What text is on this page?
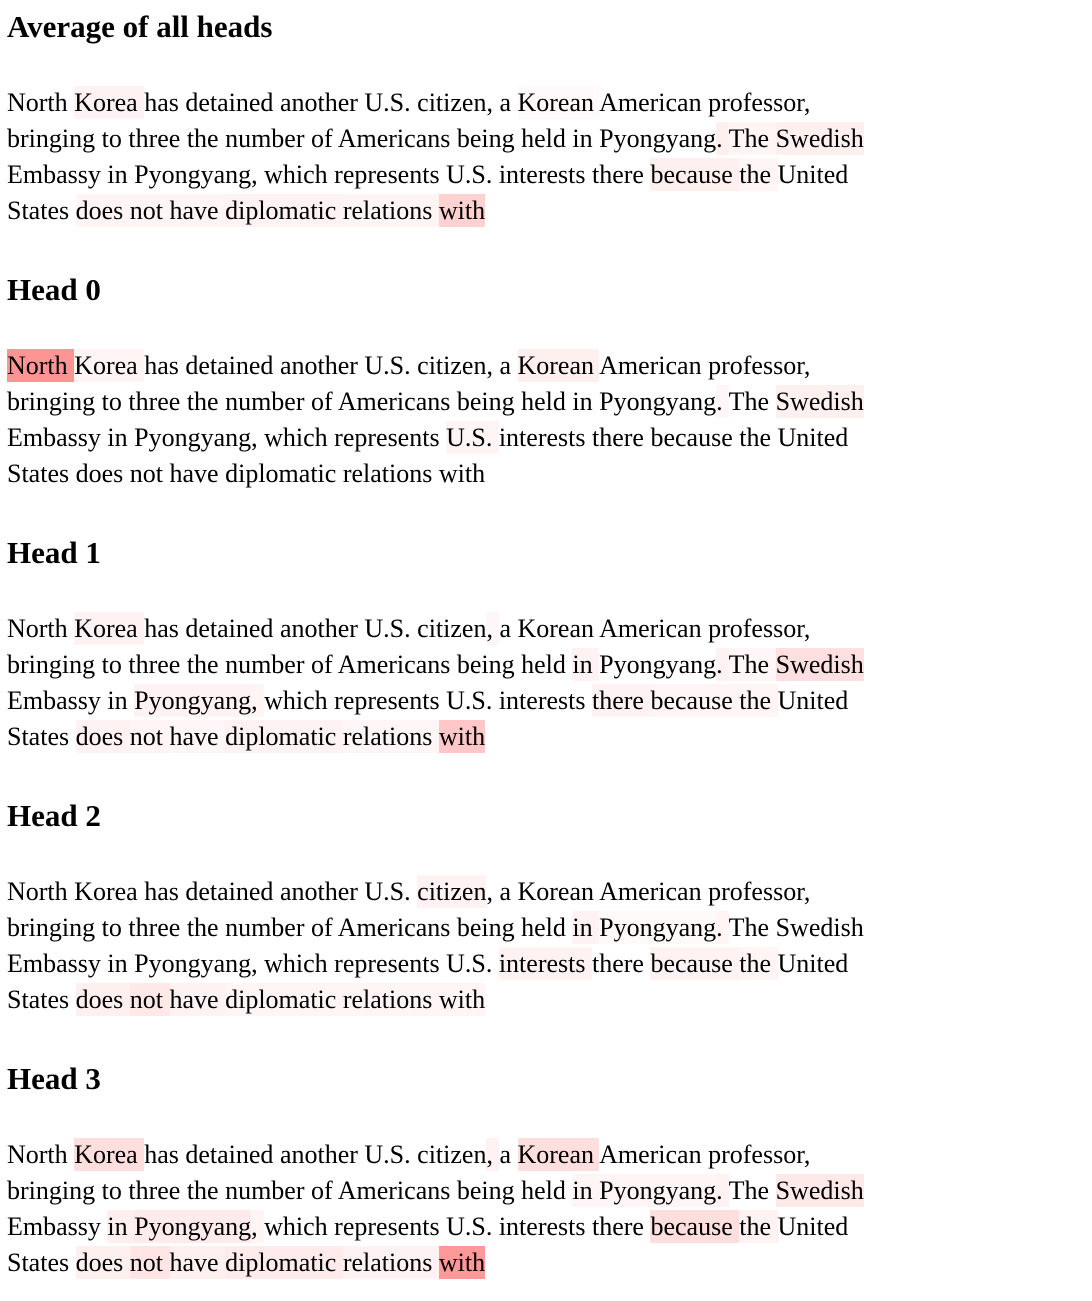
Average of all heads

North Korea has detained another U.S. citizen, a Korean American professor,
bringing to three the number of Americans being held in Pyongyang. The Swedish
Embassy in Pyongyang, which represents U.S. interests there because the United
States does not have diplomatic relations with

Head 0

North Korea has detained another U.S. citizen, a Korean American professor,
bringing to three the number of Americans being held in Pyongyang. The Swedish
Embassy in Pyongyang, which represents U.S. interests there because the United
States does not have diplomatic relations with

Head 1

North Korea has detained another U.S. citizen, a Korean American professor,
bringing to three the number of Americans being held in Pyongyang. The Swedish
Embassy in Pyongyang, which represents U.S. interests there because the United
States does not have diplomatic relations with

Head 2

North Korea has detained another U.S. citizen, a Korean American professor,
bringing to three the number of Americans being held in Pyongyang. The Swedish
Embassy in Pyongyang, which represents U.S. interests there because the United
States does not have diplomatic relations with

Head 3

North Korea has detained another U.S. citizen, a Korean American professor,
bringing to three the number of Americans being held in Pyongyang. The Swedish
Embassy in Pyongyang, which represents U.S. interests there because the United
States does not have diplomatic relations with
